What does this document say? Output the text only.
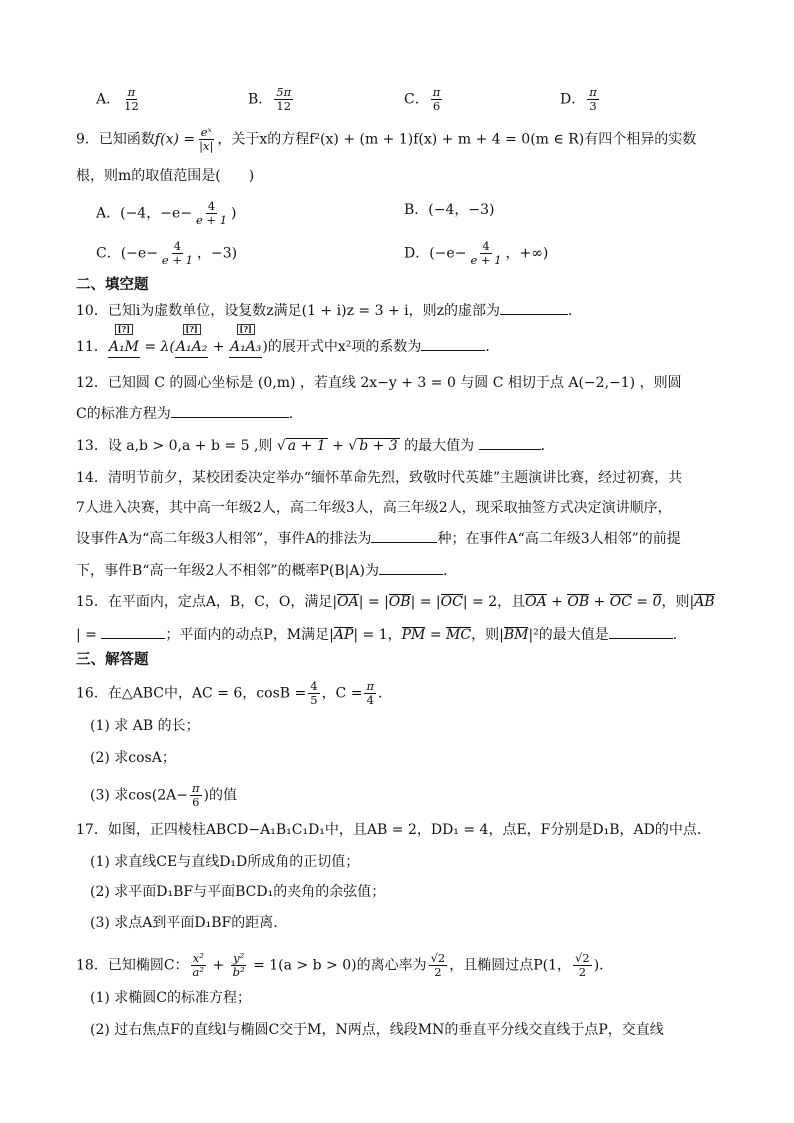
A． $\frac{\pi}{12}$	B． $\frac{5\pi}{12}$	C． $\frac{\pi}{6}$	D． $\frac{\pi}{3}$
9．已知函数$f(x) = \frac{\text{eˣ}}{|x|}$ ，关于x的方程f²(x) + (m + 1)f(x) + m + 4 = 0(m ∈ R)有四个相异的实数
根，则m的取值范围是(　　)
A．(−4，$-e- \frac{4}{e + 1}$ )	B．(−4，−3)
C．($-e- \frac{4}{e + 1}$ ，−3)	D．($-e- \frac{4}{e + 1}$ ，+∞)
二、填空题
10．已知i为虚数单位，设复数z满足(1 + i)z = 3 + i，则z的虚部为	．
11．
[?]
A₁M = λ(
[?]
A₁A₂ +
[?]
A₁A₃)的展开式中x²项的系数为	．
12．已知圆 C 的圆心坐标是 (0,m) ，若直线 2x−y + 3 = 0 与圆 C 相切于点 A(−2,−1) ，则圆
C的标准方程为	.
13．设 a,b > 0,a + b = 5 ,则 √ a + 1 + √ b + 3 的最大值为	．
14．清明节前夕，某校团委决定举办“缅怀革命先烈，致敬时代英雄”主题演讲比赛，经过初赛，共
7人进入决赛，其中高一年级2人，高二年级3人，高三年级2人，现采取抽签方式决定演讲顺序，
设事件A为“高二年级3人相邻”，事件A的排法为	种；在事件A“高二年级3人相邻”的前提
下，事件B“高一年级2人不相邻”的概率P(B|A)为	．
15．在平面内，定点A，B，C，O，满足|OA| = |OB| = |OC| = 2，且OA + OB + OC = 0，则|AB
| =	；平面内的动点P，M满足|AP| = 1，PM = MC，则|BM|²的最大值是	．
三、解答题
16．在△ABC中，AC = 6，$\cos B = \frac{4}{5}$ ，$C = \frac{\pi}{4}$ .
(1) 求 AB 的长；
(2) 求cosA；
(3) 求$\cos(2A- \frac{\pi}{6}$ )的值
17．如图，正四棱柱ABCD−A₁B₁C₁D₁中，且AB = 2，DD₁ = 4，点E，F分别是D₁B，AD的中点．
(1) 求直线CE与直线D₁D所成角的正切值；
(2) 求平面D₁BF与平面BCD₁的夹角的余弦值；
(3) 求点A到平面D₁BF的距离．
18．已知椭圆C： $\frac{\text{x²}}{\text{a²}} + \frac{\text{y²}}{\text{b²}} = 1(a > b > 0)$的离心率为 $\frac{√2}{2}$ ，且椭圆过点P(1， $\frac{√2}{2}$ )．
(1) 求椭圆C的标准方程；
(2) 过右焦点F的直线l与椭圆C交于M，N两点，线段MN的垂直平分线交直线于点P，交直线
